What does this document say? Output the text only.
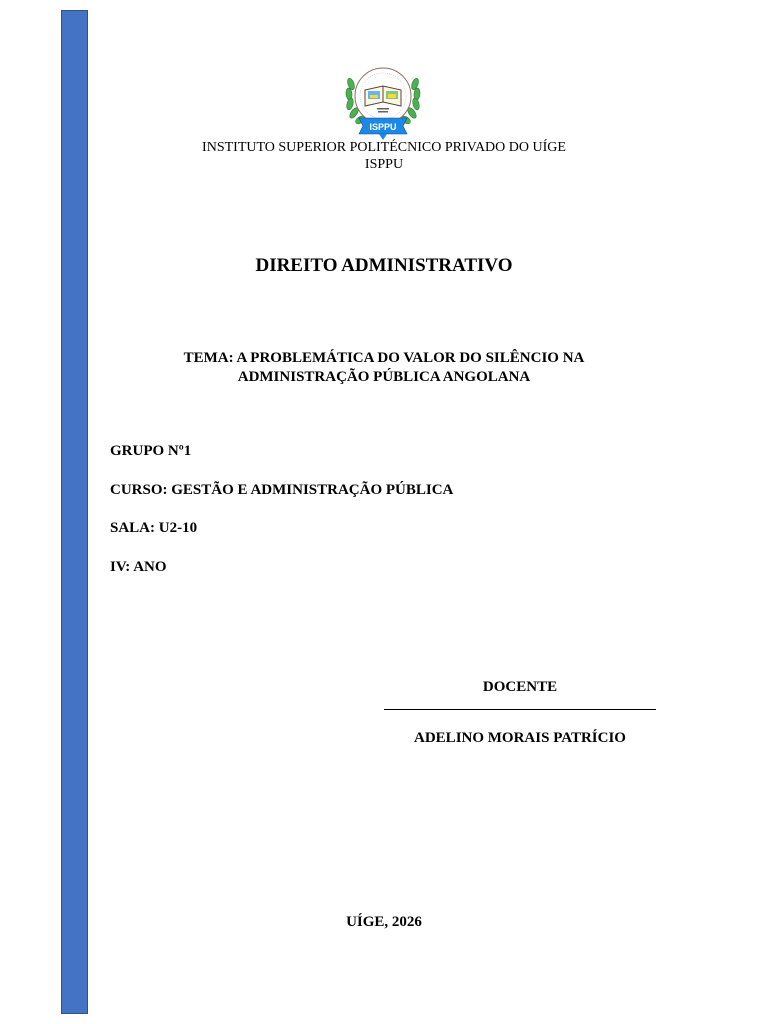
ISPPU
INSTITUTO SUPERIOR POLITÉCNICO PRIVADO DO UÍGE
ISPPU
DIREITO ADMINISTRATIVO
TEMA: A PROBLEMÁTICA DO VALOR DO SILÊNCIO NA
ADMINISTRAÇÃO PÚBLICA ANGOLANA
GRUPO Nº1
CURSO: GESTÃO E ADMINISTRAÇÃO PÚBLICA
SALA: U2-10
IV: ANO
DOCENTE
ADELINO MORAIS PATRÍCIO
UÍGE, 2026
